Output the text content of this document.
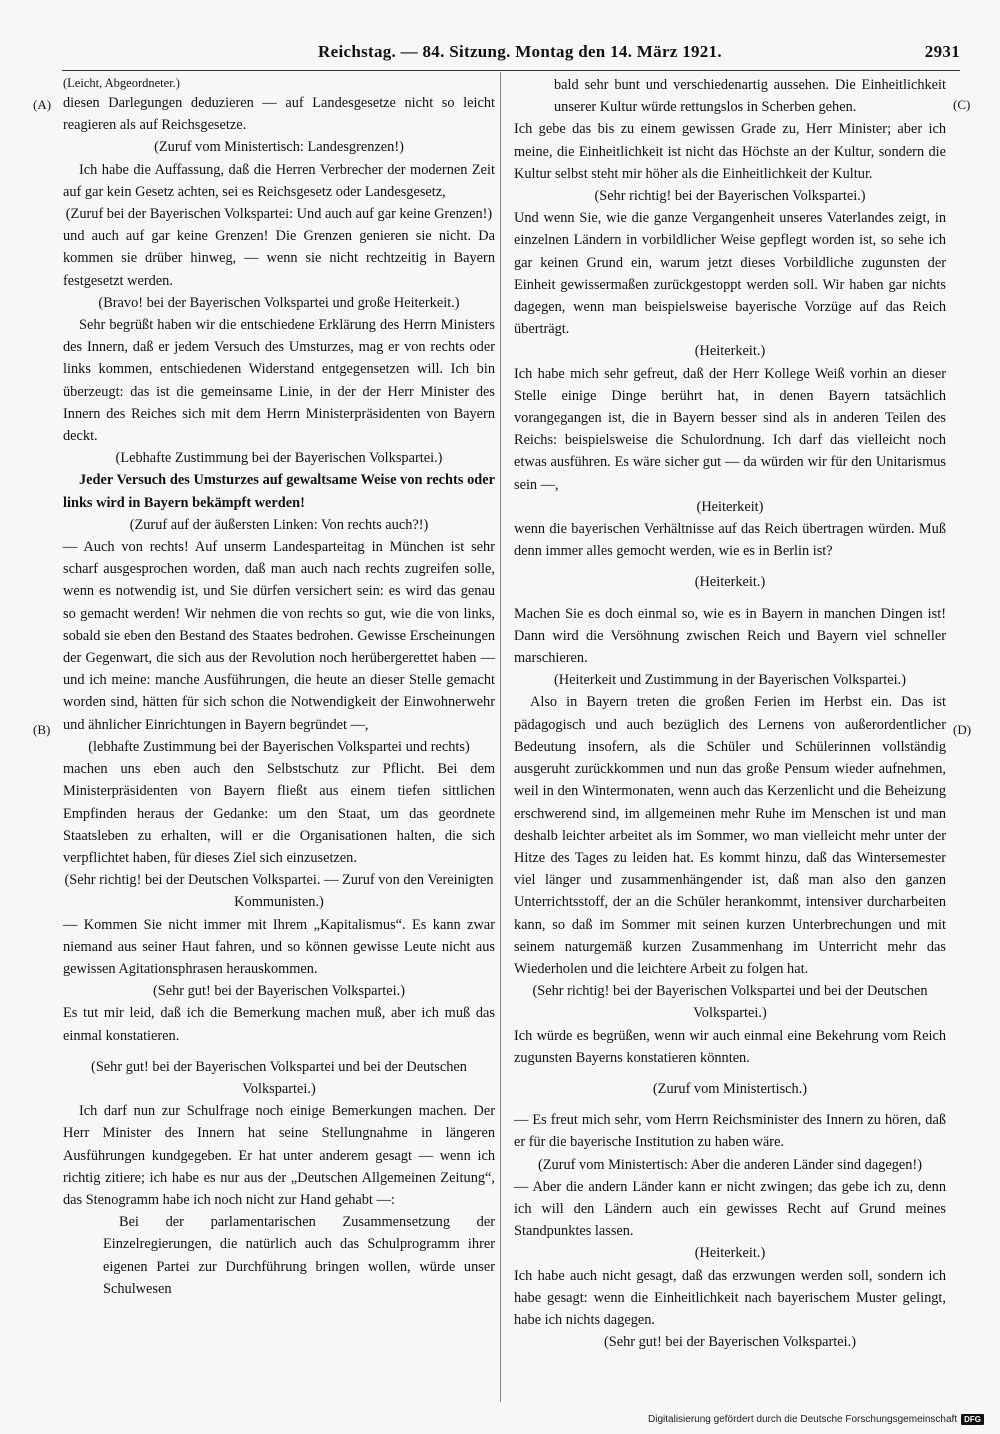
Reichstag. — 84. Sitzung. Montag den 14. März 1921.	2931
(A)
(B)
(C)
(D)

(Leicht, Abgeordneter.)

diesen Darlegungen deduzieren — auf Landesgesetze nicht so leicht reagieren als auf Reichsgesetze.

(Zuruf vom Ministertisch: Landesgrenzen!)

Ich habe die Auffassung, daß die Herren Verbrecher der modernen Zeit auf gar kein Gesetz achten, sei es Reichsgesetz oder Landesgesetz,

(Zuruf bei der Bayerischen Volkspartei: Und auch auf gar keine Grenzen!)

und auch auf gar keine Grenzen! Die Grenzen genieren sie nicht. Da kommen sie drüber hinweg, — wenn sie nicht rechtzeitig in Bayern festgesetzt werden.

(Bravo! bei der Bayerischen Volkspartei und große Heiterkeit.)

Sehr begrüßt haben wir die entschiedene Erklärung des Herrn Ministers des Innern, daß er jedem Versuch des Umsturzes, mag er von rechts oder links kommen, entschiedenen Widerstand entgegensetzen will. Ich bin überzeugt: das ist die gemeinsame Linie, in der der Herr Minister des Innern des Reiches sich mit dem Herrn Ministerpräsidenten von Bayern deckt.

(Lebhafte Zustimmung bei der Bayerischen Volkspartei.)

Jeder Versuch des Umsturzes auf gewaltsame Weise von rechts oder links wird in Bayern bekämpft werden!

(Zuruf auf der äußersten Linken: Von rechts auch?!)

— Auch von rechts! Auf unserm Landesparteitag in München ist sehr scharf ausgesprochen worden, daß man auch nach rechts zugreifen solle, wenn es notwendig ist, und Sie dürfen versichert sein: es wird das genau so gemacht werden! Wir nehmen die von rechts so gut, wie die von links, sobald sie eben den Bestand des Staates bedrohen. Gewisse Erscheinungen der Gegenwart, die sich aus der Revolution noch herübergerettet haben — und ich meine: manche Ausführungen, die heute an dieser Stelle gemacht worden sind, hätten für sich schon die Notwendigkeit der Einwohnerwehr und ähnlicher Einrichtungen in Bayern begründet —,

(lebhafte Zustimmung bei der Bayerischen Volkspartei und rechts)

machen uns eben auch den Selbstschutz zur Pflicht. Bei dem Ministerpräsidenten von Bayern fließt aus einem tiefen sittlichen Empfinden heraus der Gedanke: um den Staat, um das geordnete Staatsleben zu erhalten, will er die Organisationen halten, die sich verpflichtet haben, für dieses Ziel sich einzusetzen.

(Sehr richtig! bei der Deutschen Volkspartei. — Zuruf von den Vereinigten Kommunisten.)

— Kommen Sie nicht immer mit Ihrem „Kapitalismus“. Es kann zwar niemand aus seiner Haut fahren, und so können gewisse Leute nicht aus gewissen Agitationsphrasen herauskommen.

(Sehr gut! bei der Bayerischen Volkspartei.)

Es tut mir leid, daß ich die Bemerkung machen muß, aber ich muß das einmal konstatieren.

(Sehr gut! bei der Bayerischen Volkspartei und bei der Deutschen Volkspartei.)

Ich darf nun zur Schulfrage noch einige Bemerkungen machen. Der Herr Minister des Innern hat seine Stellungnahme in längeren Ausführungen kundgegeben. Er hat unter anderem gesagt — wenn ich richtig zitiere; ich habe es nur aus der „Deutschen Allgemeinen Zeitung“, das Stenogramm habe ich noch nicht zur Hand gehabt —:

Bei der parlamentarischen Zusammensetzung der Einzelregierungen, die natürlich auch das Schulprogramm ihrer eigenen Partei zur Durchführung bringen wollen, würde unser Schulwesen

bald sehr bunt und verschiedenartig aussehen. Die Einheitlichkeit unserer Kultur würde rettungslos in Scherben gehen.

Ich gebe das bis zu einem gewissen Grade zu, Herr Minister; aber ich meine, die Einheitlichkeit ist nicht das Höchste an der Kultur, sondern die Kultur selbst steht mir höher als die Einheitlichkeit der Kultur.

(Sehr richtig! bei der Bayerischen Volkspartei.)

Und wenn Sie, wie die ganze Vergangenheit unseres Vaterlandes zeigt, in einzelnen Ländern in vorbildlicher Weise gepflegt worden ist, so sehe ich gar keinen Grund ein, warum jetzt dieses Vorbildliche zugunsten der Einheit gewissermaßen zurückgestoppt werden soll. Wir haben gar nichts dagegen, wenn man beispielsweise bayerische Vorzüge auf das Reich überträgt.

(Heiterkeit.)

Ich habe mich sehr gefreut, daß der Herr Kollege Weiß vorhin an dieser Stelle einige Dinge berührt hat, in denen Bayern tatsächlich vorangegangen ist, die in Bayern besser sind als in anderen Teilen des Reichs: beispielsweise die Schulordnung. Ich darf das vielleicht noch etwas ausführen. Es wäre sicher gut — da würden wir für den Unitarismus sein —,

(Heiterkeit)

wenn die bayerischen Verhältnisse auf das Reich übertragen würden. Muß denn immer alles gemocht werden, wie es in Berlin ist?

(Heiterkeit.)

Machen Sie es doch einmal so, wie es in Bayern in manchen Dingen ist! Dann wird die Versöhnung zwischen Reich und Bayern viel schneller marschieren.

(Heiterkeit und Zustimmung in der Bayerischen Volkspartei.)

Also in Bayern treten die großen Ferien im Herbst ein. Das ist pädagogisch und auch bezüglich des Lernens von außerordentlicher Bedeutung insofern, als die Schüler und Schülerinnen vollständig ausgeruht zurückkommen und nun das große Pensum wieder aufnehmen, weil in den Wintermonaten, wenn auch das Kerzenlicht und die Beheizung erschwerend sind, im allgemeinen mehr Ruhe im Menschen ist und man deshalb leichter arbeitet als im Sommer, wo man vielleicht mehr unter der Hitze des Tages zu leiden hat. Es kommt hinzu, daß das Wintersemester viel länger und zusammenhängender ist, daß man also den ganzen Unterrichtsstoff, der an die Schüler herankommt, intensiver durcharbeiten kann, so daß im Sommer mit seinen kurzen Unterbrechungen und mit seinem naturgemäß kurzen Zusammenhang im Unterricht mehr das Wiederholen und die leichtere Arbeit zu folgen hat.

(Sehr richtig! bei der Bayerischen Volkspartei und bei der Deutschen Volkspartei.)

Ich würde es begrüßen, wenn wir auch einmal eine Bekehrung vom Reich zugunsten Bayerns konstatieren könnten.

(Zuruf vom Ministertisch.)

— Es freut mich sehr, vom Herrn Reichsminister des Innern zu hören, daß er für die bayerische Institution zu haben wäre.

(Zuruf vom Ministertisch: Aber die anderen Länder sind dagegen!)

— Aber die andern Länder kann er nicht zwingen; das gebe ich zu, denn ich will den Ländern auch ein gewisses Recht auf Grund meines Standpunktes lassen.

(Heiterkeit.)

Ich habe auch nicht gesagt, daß das erzwungen werden soll, sondern ich habe gesagt: wenn die Einheitlichkeit nach bayerischem Muster gelingt, habe ich nichts dagegen.

(Sehr gut! bei der Bayerischen Volkspartei.)

Digitalisierung gefördert durch die Deutsche Forschungsgemeinschaft DFG
